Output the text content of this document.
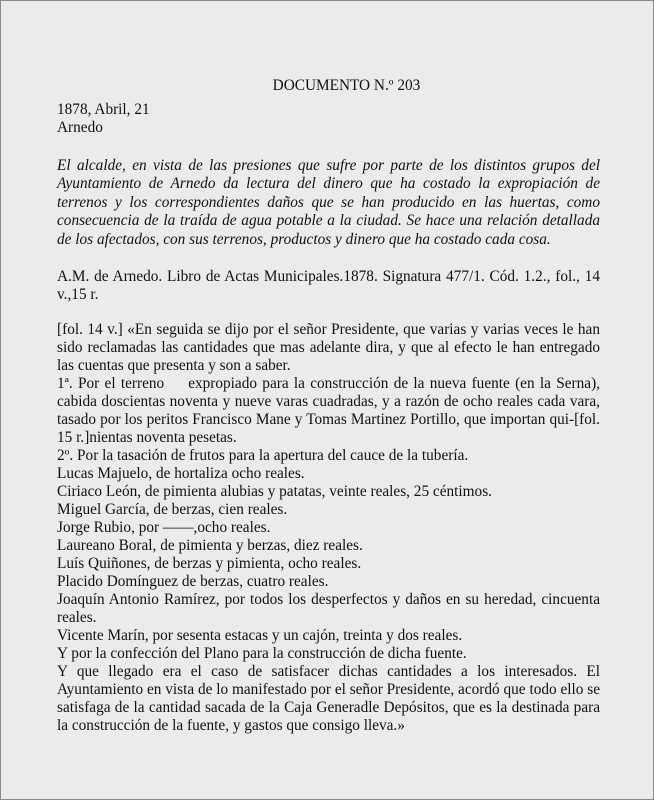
DOCUMENTO N.º 203
1878, Abril, 21
Arnedo
El alcalde, en vista de las presiones que sufre por parte de los distintos grupos del Ayuntamiento de Arnedo da lectura del dinero que ha costado la expropiación de terrenos y los correspondientes daños que se han producido en las huertas, como consecuencia de la traída de agua potable a la ciudad. Se hace una relación detallada de los afectados, con sus terrenos, productos y dinero que ha costado cada cosa.
A.M. de Arnedo. Libro de Actas Municipales.1878. Signatura 477/1. Cód. 1.2., fol., 14 v.,15 r.

[fol. 14 v.] «En seguida se dijo por el señor Presidente, que varias y varias veces le han sido reclamadas las cantidades que mas adelante dira, y que al efecto le han entregado las cuentas que presenta y son a saber.

1ª. Por el terreno expropiado para la construcción de la nueva fuente (en la Serna), cabida doscientas noventa y nueve varas cuadradas, y a razón de ocho reales cada vara, tasado por los peritos Francisco Mane y Tomas Martinez Portillo, que importan qui-[fol. 15 r.]nientas noventa pesetas.

2º. Por la tasación de frutos para la apertura del cauce de la tubería.

Lucas Majuelo, de hortaliza ocho reales.

Ciriaco León, de pimienta alubias y patatas, veinte reales, 25 céntimos.

Miguel García, de berzas, cien reales.

Jorge Rubio, por ——,ocho reales.

Laureano Boral, de pimienta y berzas, diez reales.

Luís Quiñones, de berzas y pimienta, ocho reales.

Placido Domínguez de berzas, cuatro reales.

Joaquín Antonio Ramírez, por todos los desperfectos y daños en su heredad, cincuenta reales.

Vicente Marín, por sesenta estacas y un cajón, treinta y dos reales.

Y por la confección del Plano para la construcción de dicha fuente.

Y que llegado era el caso de satisfacer dichas cantidades a los interesados. El Ayuntamiento en vista de lo manifestado por el señor Presidente, acordó que todo ello se satisfaga de la cantidad sacada de la Caja Generadle Depósitos, que es la destinada para la construcción de la fuente, y gastos que consigo lleva.»
